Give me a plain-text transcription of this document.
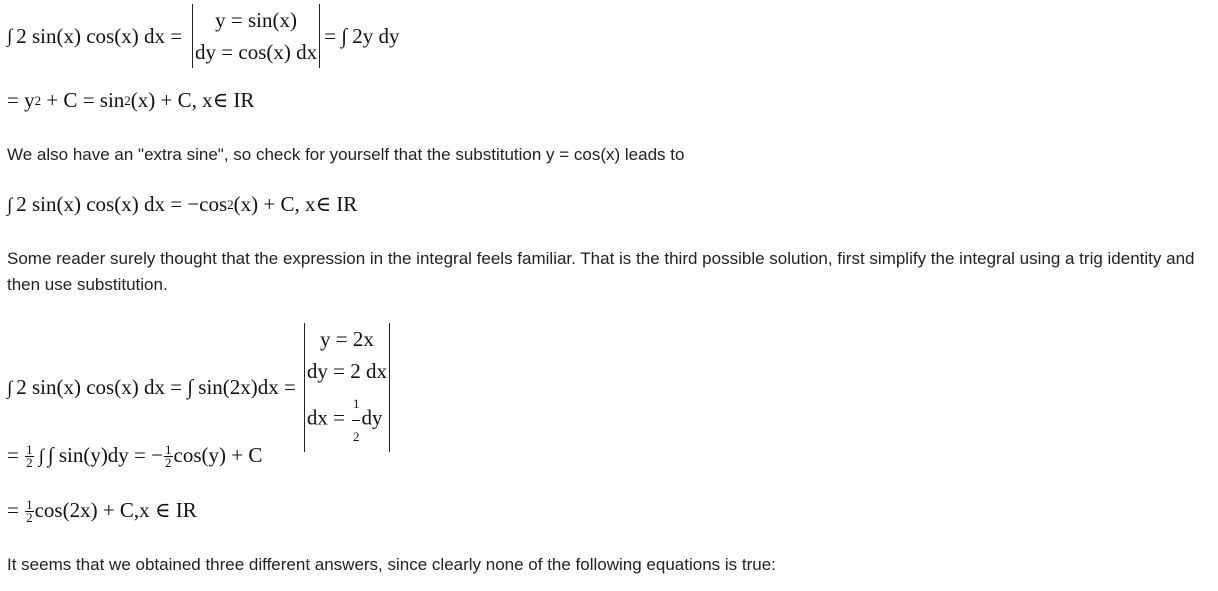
∫ 2 sin(x) cos(x) dx =
y = sin(x)
dy = cos(x) dx
= ∫ 2y dy
= y 2 + C = sin 2 (x) + C, x∈ IR
We also have an "extra sine", so check for yourself that the substitution y = cos(x) leads to
∫ 2 sin(x) cos(x) dx = −cos 2 (x) + C, x∈ IR
Some reader surely thought that the expression in the integral feels familiar. That is the third possible solution, first simplify the integral using a trig identity and then use substitution.
∫ 2 sin(x) cos(x) dx = ∫ sin(2x)dx =
y = 2x
dy = 2 dx
dx = $\frac{1}{2}$ dy
= $\frac{1}{2}$ ∫ ∫ sin(y)dy = − $\frac{1}{2} \cos(y) + C$
= $\frac{1}{2} \cos(2x) + C,x$ ∈ IR
It seems that we obtained three different answers, since clearly none of the following equations is true:
